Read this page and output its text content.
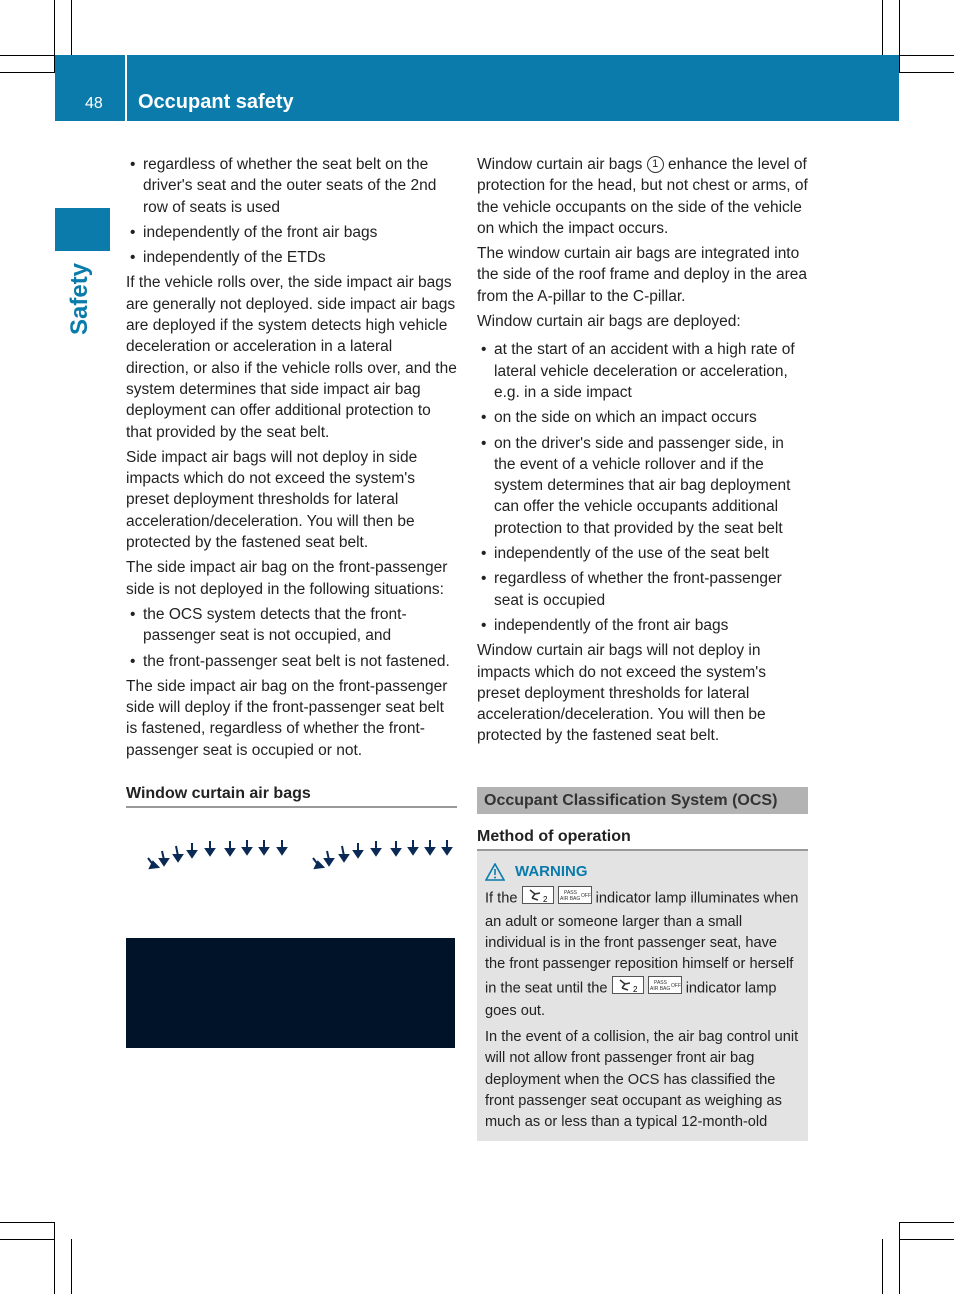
48 Occupant safety
Safety
• regardless of whether the seat belt on the driver's seat and the outer seats of the 2nd row of seats is used
• independently of the front air bags
• independently of the ETDs

If the vehicle rolls over, the side impact air bags are generally not deployed. side impact air bags are deployed if the system detects high vehicle deceleration or acceleration in a lateral direction, or also if the vehicle rolls over, and the system determines that side impact air bag deployment can offer additional protection to that provided by the seat belt.

Side impact air bags will not deploy in side impacts which do not exceed the system's preset deployment thresholds for lateral acceleration/deceleration. You will then be protected by the fastened seat belt.

The side impact air bag on the front-passenger side is not deployed in the following situations:

• the OCS system detects that the front-passenger seat is not occupied, and
• the front-passenger seat belt is not fastened.

The side impact air bag on the front-passenger side will deploy if the front-passenger seat belt is fastened, regardless of whether the front-passenger seat is occupied or not.

Window curtain air bags

Window curtain air bags 1 enhance the level of protection for the head, but not chest or arms, of the vehicle occupants on the side of the vehicle on which the impact occurs.

The window curtain air bags are integrated into the side of the roof frame and deploy in the area from the A-pillar to the C-pillar.

Window curtain air bags are deployed:

• at the start of an accident with a high rate of lateral vehicle deceleration or acceleration, e.g. in a side impact
• on the side on which an impact occurs
• on the driver's side and passenger side, in the event of a vehicle rollover and if the system determines that air bag deployment can offer the vehicle occupants additional protection to that provided by the seat belt
• independently of the use of the seat belt
• regardless of whether the front-passenger seat is occupied
• independently of the front air bags

Window curtain air bags will not deploy in impacts which do not exceed the system's preset deployment thresholds for lateral acceleration/deceleration. You will then be protected by the fastened seat belt.

Occupant Classification System (OCS)
Method of operation
WARNING

If the	2

PASS
AIR BAG OFF indicator lamp illuminates when an adult or someone larger than a small individual is in the front passenger seat, have the front passenger reposition himself or herself in the seat until the	2

PASS
AIR BAG OFF indicator lamp goes out.

In the event of a collision, the air bag control unit will not allow front passenger front air bag deployment when the OCS has classified the front passenger seat occupant as weighing as much as or less than a typical 12-month-old
